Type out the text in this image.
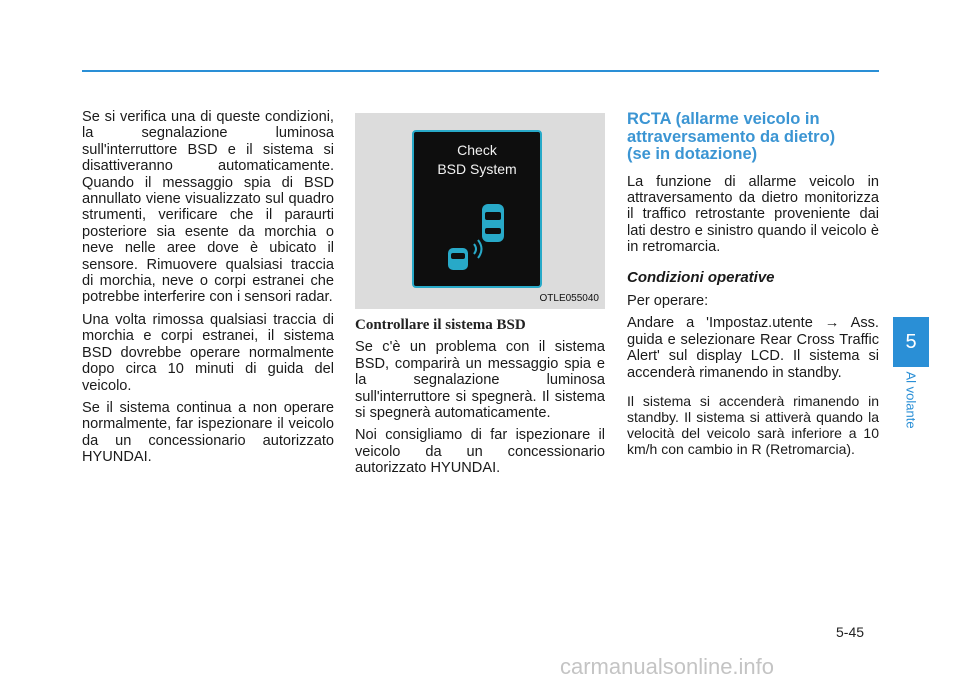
Se si verifica una di queste condizioni, la segnalazione luminosa sull'interruttore BSD e il sistema si disattiveranno automaticamente. Quando il messaggio spia di BSD annullato viene visualizzato sul quadro strumenti, verificare che il paraurti posteriore sia esente da morchia o neve nelle aree dove è ubicato il sensore. Rimuovere qualsiasi traccia di morchia, neve o corpi estranei che potrebbe interferire con i sensori radar.

Una volta rimossa qualsiasi traccia di morchia e corpi estranei, il sistema BSD dovrebbe operare normalmente dopo circa 10 minuti di guida del veicolo.

Se il sistema continua a non operare normalmente, far ispezionare il veicolo da un concessionario autorizzato HYUNDAI.

Check
BSD System
OTLE055040
Controllare il sistema BSD

Se c'è un problema con il sistema BSD, comparirà un messaggio spia e la segnalazione luminosa sull'interruttore si spegnerà. Il sistema si spegnerà automaticamente.

Noi consigliamo di far ispezionare il veicolo da un concessionario autorizzato HYUNDAI.

RCTA (allarme veicolo in
attraversamento da dietro)
(se in dotazione)

La funzione di allarme veicolo in attraversamento da dietro monitorizza il traffico retrostante proveniente dai lati destro e sinistro quando il veicolo è in retromarcia.

Condizioni operative

Per operare:

Andare a 'Impostaz.utente → Ass. guida e selezionare Rear Cross Traffic Alert' sul display LCD. Il sistema si accenderà rimanendo in standby.

Il sistema si accenderà rimanendo in standby. Il sistema si attiverà quando la velocità del veicolo sarà inferiore a 10 km/h con cambio in R (Retromarcia).

5
Al volante
5-45
carmanualsonline.info
